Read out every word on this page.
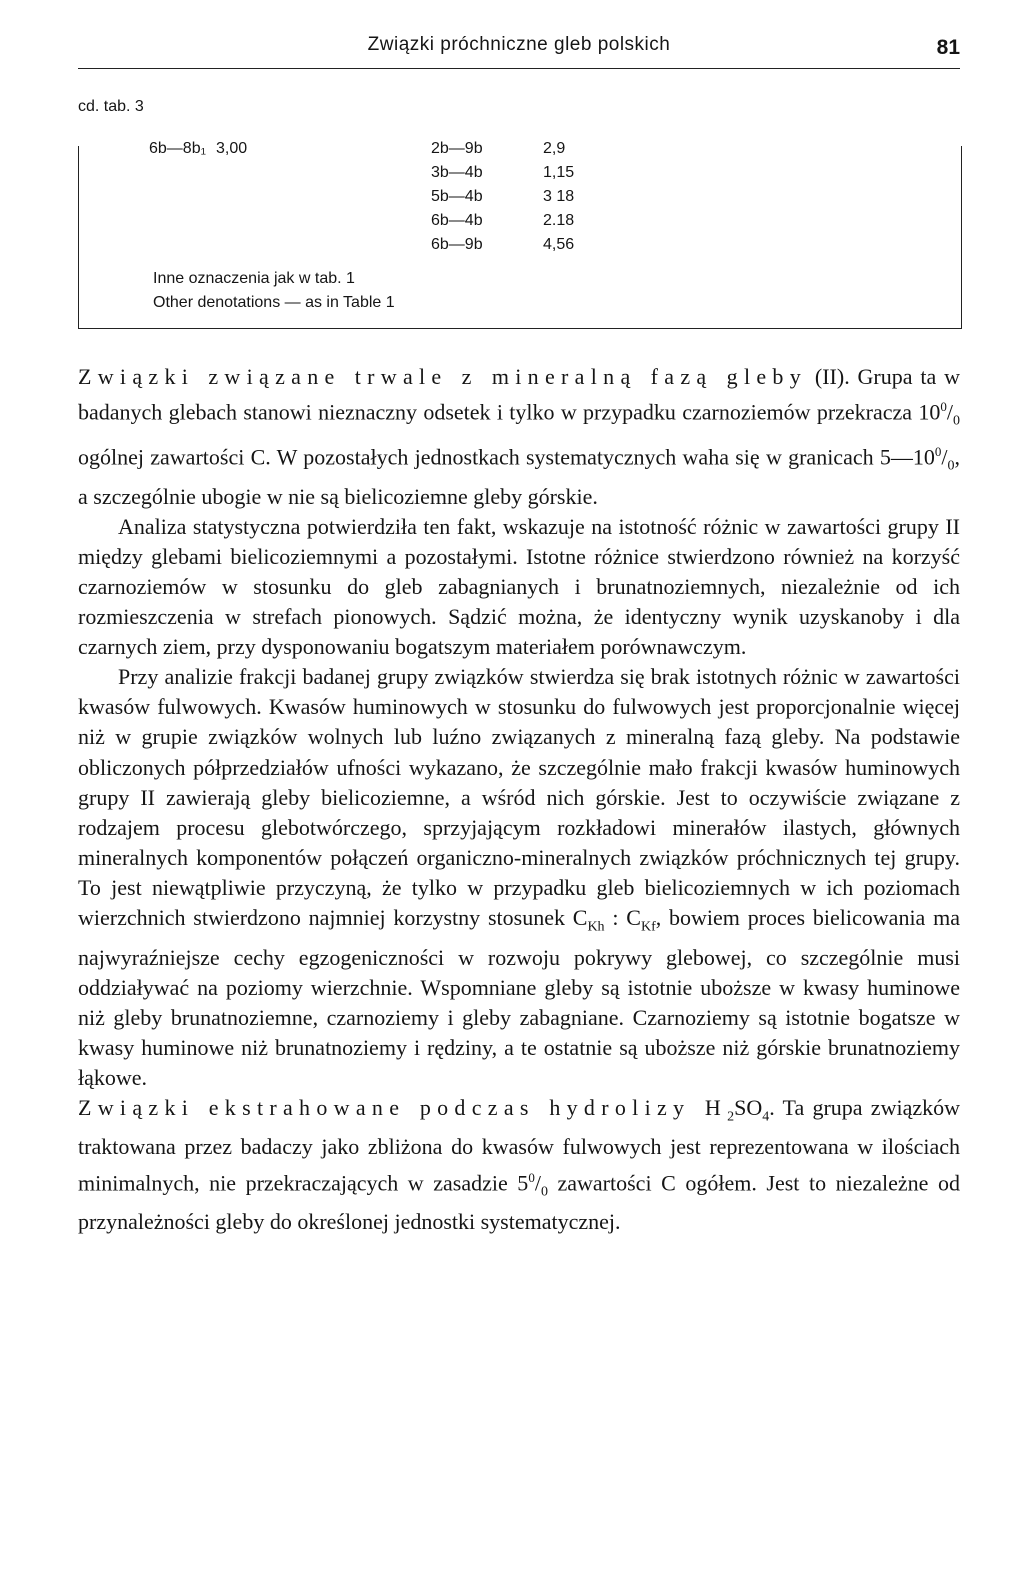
Związki próchniczne gleb polskich	81
cd. tab. 3
6b—8b₁ 3,00	2b—9b	2,9
3b—4b	1,15
5b—4b	3 18
6b—4b	2.18
6b—9b	4,56
Inne oznaczenia jak w tab. 1
Other denotations — as in Table 1

Związki związane trwale z mineralną fazą gleby (II). Grupa ta w badanych glebach stanowi nieznaczny odsetek i tylko w przypadku czarnoziemów przekracza $10^0/_0$ ogólnej zawartości C. W pozostałych jednostkach systematycznych waha się w granicach $5—10^0/_0$, a szczególnie ubogie w nie są bielicoziemne gleby górskie.

Analiza statystyczna potwierdziła ten fakt, wskazuje na istotność różnic w zawartości grupy II między glebami bielicoziemnymi a pozostałymi. Istotne różnice stwierdzono również na korzyść czarnoziemów w stosunku do gleb zabagnianych i brunatnoziemnych, niezależnie od ich rozmieszczenia w strefach pionowych. Sądzić można, że identyczny wynik uzyskanoby i dla czarnych ziem, przy dysponowaniu bogatszym materiałem porównawczym.

Przy analizie frakcji badanej grupy związków stwierdza się brak istotnych różnic w zawartości kwasów fulwowych. Kwasów huminowych w stosunku do fulwowych jest proporcjonalnie więcej niż w grupie związków wolnych lub luźno związanych z mineralną fazą gleby. Na podstawie obliczonych półprzedziałów ufności wykazano, że szczególnie mało frakcji kwasów huminowych grupy II zawierają gleby bielicoziemne, a wśród nich górskie. Jest to oczywiście związane z rodzajem procesu glebotwórczego, sprzyjającym rozkładowi minerałów ilastych, głównych mineralnych komponentów połączeń organiczno-mineralnych związków próchnicznych tej grupy. To jest niewątpliwie przyczyną, że tylko w przypadku gleb bielicoziemnych w ich poziomach wierzchnich stwierdzono najmniej korzystny stosunek $C_{Kh}$ : $C_{Kf}$, bowiem proces bielicowania ma najwyraźniejsze cechy egzogeniczności w rozwoju pokrywy glebowej, co szczególnie musi oddziaływać na poziomy wierzchnie. Wspomniane gleby są istotnie uboższe w kwasy huminowe niż gleby brunatnoziemne, czarnoziemy i gleby zabagniane. Czarnoziemy są istotnie bogatsze w kwasy huminowe niż brunatnoziemy i rędziny, a te ostatnie są uboższe niż górskie brunatnoziemy łąkowe.

Związki ekstrahowane podczas hydrolizy $H_2SO_4$. Ta grupa związków traktowana przez badaczy jako zbliżona do kwasów fulwowych jest reprezentowana w ilościach minimalnych, nie przekraczających w zasadzie $5^0/_0$ zawartości C ogółem. Jest to niezależne od przynależności gleby do określonej jednostki systematycznej.
